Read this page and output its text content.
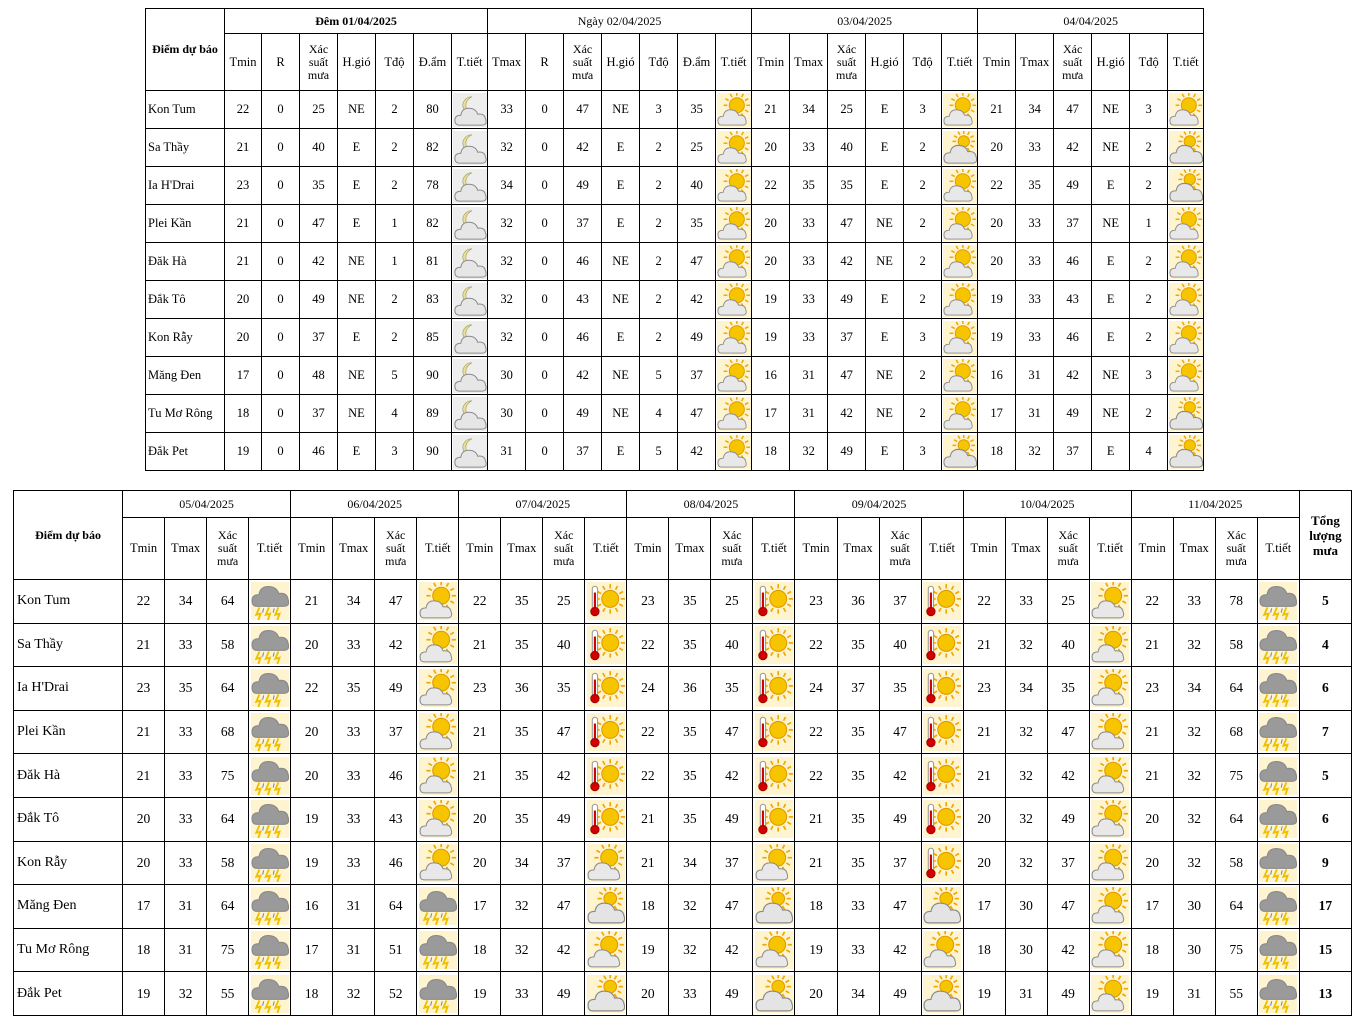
Điểm dự báo	Đêm 01/04/2025							Ngày 02/04/2025							03/04/2025						04/04/2025					
	Tmin	R	Xác suất mưa	H.gió	Tđộ	Đ.ẩm	T.tiết	Tmax	R	Xác suất mưa	H.gió	Tđộ	Đ.ẩm	T.tiết	Tmin	Tmax	Xác suất mưa	H.gió	Tđộ	T.tiết	Tmin	Tmax	Xác suất mưa	H.gió	Tđộ	T.tiết
Kon Tum	22	0	25	NE	2	80		33	0	47	NE	3	35		21	34	25	E	3		21	34	47	NE	3	

Sa Thầy	21	0	40	E	2	82		32	0	42	E	2	25		20	33	40	E	2		20	33	42	NE	2	

Ia H'Drai	23	0	35	E	2	78		34	0	49	E	2	40		22	35	35	E	2		22	35	49	E	2	

Plei Kần	21	0	47	E	1	82		32	0	37	E	2	35		20	33	47	NE	2		20	33	37	NE	1	

Đăk Hà	21	0	42	NE	1	81		32	0	46	NE	2	47		20	33	42	NE	2		20	33	46	E	2	

Đắk Tô	20	0	49	NE	2	83		32	0	43	NE	2	42		19	33	49	E	2		19	33	43	E	2	

Kon Rẫy	20	0	37	E	2	85		32	0	46	E	2	49		19	33	37	E	3		19	33	46	E	2	

Măng Đen	17	0	48	NE	5	90		30	0	42	NE	5	37		16	31	47	NE	2		16	31	42	NE	3	

Tu Mơ Rông	18	0	37	NE	4	89		30	0	49	NE	4	47		17	31	42	NE	2		17	31	49	NE	2	

Đắk Pet	19	0	46	E	3	90		31	0	37	E	5	42		18	32	49	E	3		18	32	37	E	4	
Điểm dự báo	05/04/2025				06/04/2025				07/04/2025				08/04/2025				09/04/2025				10/04/2025				11/04/2025				Tổng lượng mưa
	Tmin	Tmax	Xác suất mưa	T.tiết	Tmin	Tmax	Xác suất mưa	T.tiết	Tmin	Tmax	Xác suất mưa	T.tiết	Tmin	Tmax	Xác suất mưa	T.tiết	Tmin	Tmax	Xác suất mưa	T.tiết	Tmin	Tmax	Xác suất mưa	T.tiết	Tmin	Tmax	Xác suất mưa	T.tiết	
Kon Tum	22	34	64		21	34	47		22	35	25		23	35	25		23	36	37		22	33	25		22	33	78		5
Sa Thầy	21	33	58		20	33	42		21	35	40		22	35	40		22	35	40		21	32	40		21	32	58		4
Ia H'Drai	23	35	64		22	35	49		23	36	35		24	36	35		24	37	35		23	34	35		23	34	64		6
Plei Kần	21	33	68		20	33	37		21	35	47		22	35	47		22	35	47		21	32	47		21	32	68		7
Đăk Hà	21	33	75		20	33	46		21	35	42		22	35	42		22	35	42		21	32	42		21	32	75		5
Đắk Tô	20	33	64		19	33	43		20	35	49		21	35	49		21	35	49		20	32	49		20	32	64		6
Kon Rẫy	20	33	58		19	33	46		20	34	37		21	34	37		21	35	37		20	32	37		20	32	58		9
Măng Đen	17	31	64		16	31	64		17	32	47		18	32	47		18	33	47		17	30	47		17	30	64		17
Tu Mơ Rông	18	31	75		17	31	51		18	32	42		19	32	42		19	33	42		18	30	42		18	30	75		15
Đắk Pet	19	32	55		18	32	52		19	33	49		20	33	49		20	34	49		19	31	49		19	31	55		13
